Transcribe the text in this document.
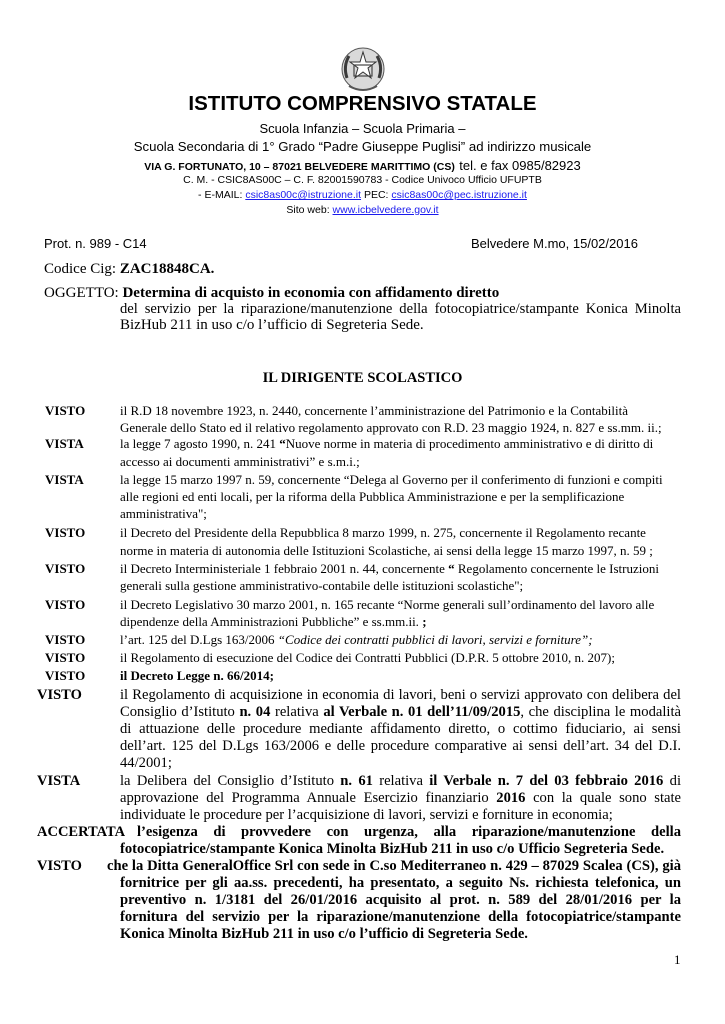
ISTITUTO COMPRENSIVO STATALE
Scuola Infanzia – Scuola Primaria –
Scuola Secondaria di 1° Grado “Padre Giuseppe Puglisi” ad indirizzo musicale
VIA G. FORTUNATO, 10 – 87021 BELVEDERE MARITTIMO (CS) tel. e fax 0985/82923
C. M. - CSIC8AS00C – C. F. 82001590783 - Codice Univoco Ufficio UFUPTB
- E-MAIL: csic8as00c@istruzione.it PEC: csic8as00c@pec.istruzione.it
Sito web: www.icbelvedere.gov.it
Prot. n. 989 - C14	Belvedere M.mo, 15/02/2016
Codice Cig: ZAC18848CA.
OGGETTO: Determina di acquisto in economia con affidamento diretto
del servizio per la riparazione/manutenzione della fotocopiatrice/stampante Konica Minolta
BizHub 211 in uso c/o l’ufficio di Segreteria Sede.
IL DIRIGENTE SCOLASTICO
VISTO	il R.D 18 novembre 1923, n. 2440, concernente l’amministrazione del Patrimonio e la Contabilità
Generale dello Stato ed il relativo regolamento approvato con R.D. 23 maggio 1924, n. 827 e ss.mm. ii.;
VISTA	la legge 7 agosto 1990, n. 241 “Nuove norme in materia di procedimento amministrativo e di diritto di
accesso ai documenti amministrativi” e s.m.i.;
VISTA	la legge 15 marzo 1997 n. 59, concernente “Delega al Governo per il conferimento di funzioni e compiti
alle regioni ed enti locali, per la riforma della Pubblica Amministrazione e per la semplificazione
amministrativa";
VISTO	il Decreto del Presidente della Repubblica 8 marzo 1999, n. 275, concernente il Regolamento recante
norme in materia di autonomia delle Istituzioni Scolastiche, ai sensi della legge 15 marzo 1997, n. 59 ;
VISTO	il Decreto Interministeriale 1 febbraio 2001 n. 44, concernente “ Regolamento concernente le Istruzioni
generali sulla gestione amministrativo-contabile delle istituzioni scolastiche";
VISTO	il Decreto Legislativo 30 marzo 2001, n. 165 recante “Norme generali sull’ordinamento del lavoro alle
dipendenze della Amministrazioni Pubbliche” e ss.mm.ii. ;
VISTO	l’art. 125 del D.Lgs 163/2006 “Codice dei contratti pubblici di lavori, servizi e forniture”;
VISTO	il Regolamento di esecuzione del Codice dei Contratti Pubblici (D.P.R. 5 ottobre 2010, n. 207);
VISTO	il Decreto Legge n. 66/2014;
VISTO	il Regolamento di acquisizione in economia di lavori, beni o servizi approvato con delibera del
Consiglio d’Istituto n. 04 relativa al Verbale n. 01 dell’11/09/2015, che disciplina le modalità
di attuazione delle procedure mediante affidamento diretto, o cottimo fiduciario, ai sensi
dell’art. 125 del D.Lgs 163/2006 e delle procedure comparative ai sensi dell’art. 34 del D.I.
44/2001;
VISTA	la Delibera del Consiglio d’Istituto n. 61 relativa il Verbale n. 7 del 03 febbraio 2016 di
approvazione del Programma Annuale Esercizio finanziario 2016 con la quale sono state
individuate le procedure per l’acquisizione di lavori, servizi e forniture in economia;
ACCERTATA l’esigenza di provvedere con urgenza, alla riparazione/manutenzione della
fotocopiatrice/stampante Konica Minolta BizHub 211 in uso c/o Ufficio Segreteria Sede.
VISTO che la Ditta GeneralOffice Srl con sede in C.so Mediterraneo n. 429 – 87029 Scalea (CS), già
fornitrice per gli aa.ss. precedenti, ha presentato, a seguito Ns. richiesta telefonica, un
preventivo n. 1/3181 del 26/01/2016 acquisito al prot. n. 589 del 28/01/2016 per la
fornitura del servizio per la riparazione/manutenzione della fotocopiatrice/stampante
Konica Minolta BizHub 211 in uso c/o l’ufficio di Segreteria Sede.
1
